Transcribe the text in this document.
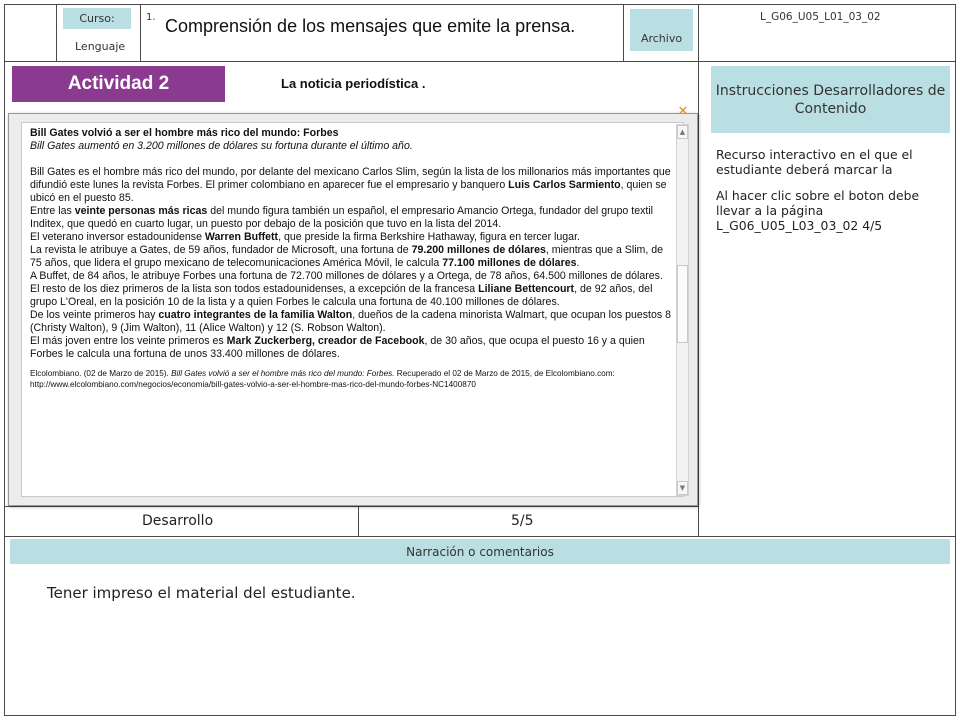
Curso:
Lenguaje
1. Comprensión de los mensajes que emite la prensa.
Archivo
L_G06_U05_L01_03_02
Actividad 2	La noticia periodística .

Bill Gates volvió a ser el hombre más rico del mundo: Forbes

Bill Gates aumentó en 3.200 millones de dólares su fortuna durante el último año.

Bill Gates es el hombre más rico del mundo, por delante del mexicano Carlos Slim, según la lista de los millonarios más importantes que difundió este lunes la revista Forbes. El primer colombiano en aparecer fue el empresario y banquero Luis Carlos Sarmiento, quien se ubicó en el puesto 85.

Entre las veinte personas más ricas del mundo figura también un español, el empresario Amancio Ortega, fundador del grupo textil Inditex, que quedó en cuarto lugar, un puesto por debajo de la posición que tuvo en la lista del 2014.

El veterano inversor estadounidense Warren Buffett, que preside la firma Berkshire Hathaway, figura en tercer lugar.

La revista le atribuye a Gates, de 59 años, fundador de Microsoft, una fortuna de 79.200 millones de dólares, mientras que a Slim, de 75 años, que lidera el grupo mexicano de telecomunicaciones América Móvil, le calcula 77.100 millones de dólares.

A Buffet, de 84 años, le atribuye Forbes una fortuna de 72.700 millones de dólares y a Ortega, de 78 años, 64.500 millones de dólares.

El resto de los diez primeros de la lista son todos estadounidenses, a excepción de la francesa Liliane Bettencourt, de 92 años, del grupo L'Oreal, en la posición 10 de la lista y a quien Forbes le calcula una fortuna de 40.100 millones de dólares.

De los veinte primeros hay cuatro integrantes de la familia Walton, dueños de la cadena minorista Walmart, que ocupan los puestos 8 (Christy Walton), 9 (Jim Walton), 11 (Alice Walton) y 12 (S. Robson Walton).

El más joven entre los veinte primeros es Mark Zuckerberg, creador de Facebook, de 30 años, que ocupa el puesto 16 y a quien Forbes le calcula una fortuna de unos 33.400 millones de dólares.

Elcolombiano. (02 de Marzo de 2015). Bill Gates volvió a ser el hombre más rico del mundo: Forbes. Recuperado el 02 de Marzo de 2015, de Elcolombiano.com: http://www.elcolombiano.com/negocios/economia/bill-gates-volvio-a-ser-el-hombre-mas-rico-del-mundo-forbes-NC1400870

▲
▼
✕
Desarrollo	5/5
Instrucciones Desarrolladores de Contenido
Recurso interactivo en el que el estudiante deberá marcar la
Al hacer clic sobre el boton debe llevar a la página L_G06_U05_L03_03_02 4/5
Narración o comentarios
Tener impreso el material del estudiante.
